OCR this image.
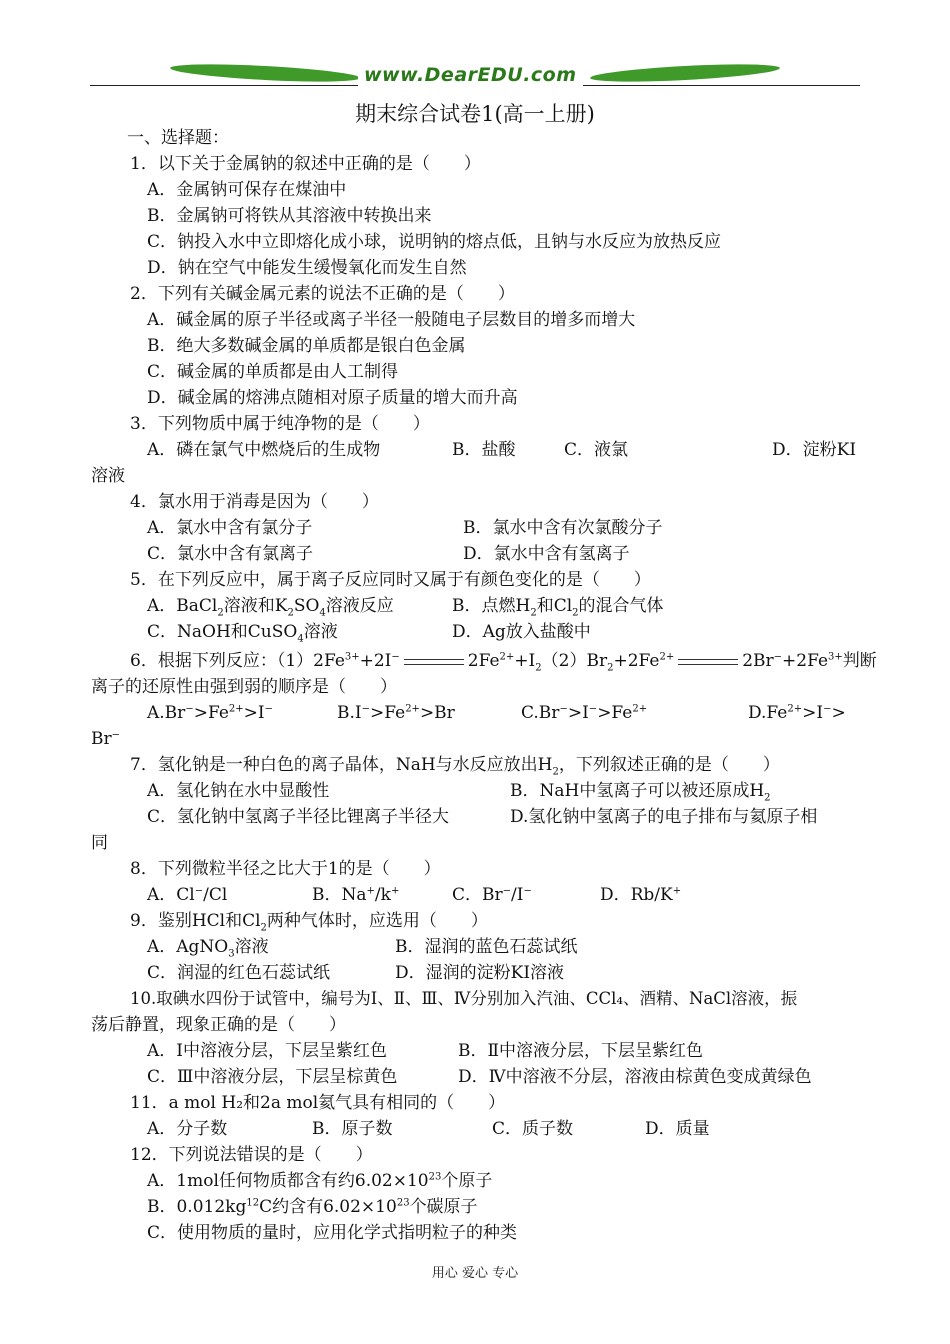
www.DearEDU.com
期末综合试卷1(高一上册)
一、选择题：
1．以下关于金属钠的叙述中正确的是（　　）
A．金属钠可保存在煤油中
B．金属钠可将铁从其溶液中转换出来
C．钠投入水中立即熔化成小球，说明钠的熔点低，且钠与水反应为放热反应
D．钠在空气中能发生缓慢氧化而发生自然
2．下列有关碱金属元素的说法不正确的是（　　）
A．碱金属的原子半径或离子半径一般随电子层数目的增多而增大
B．绝大多数碱金属的单质都是银白色金属
C．碱金属的单质都是由人工制得
D．碱金属的熔沸点随相对原子质量的增大而升高
3．下列物质中属于纯净物的是（　　）
A．磷在氯气中燃烧后的生成物	B．盐酸	C．液氯	D．淀粉KI
溶液
4．氯水用于消毒是因为（　　）
A．氯水中含有氯分子	B．氯水中含有次氯酸分子
C．氯水中含有氯离子	D．氯水中含有氢离子
5．在下列反应中，属于离子反应同时又属于有颜色变化的是（　　）
A．BaCl$_2$溶液和$K_2SO_4$溶液反应	B．点燃$H_2$和$Cl_2$的混合气体
C．NaOH和CuSO$_4$溶液	D．Ag放入盐酸中
6．根据下列反应：$(1)2Fe^{3+}+2I^-$	$2Fe^{2+}+I_2(2)Br_2+2Fe^{2+}$	$2Br^-+2Fe^{3+}$判断
离子的还原性由强到弱的顺序是（　　）
$A.Br^->Fe^{2+}>I^-$	$B.I^->Fe^{2+}>Br$	$C.Br^->I^->Fe^{2+}$	$D.Fe^{2+}>I^->$
Br−
7．氢化钠是一种白色的离子晶体，NaH与水反应放出$H_2$，下列叙述正确的是（　　）
A．氢化钠在水中显酸性	B．NaH中氢离子可以被还原成$H_2$
C．氢化钠中氢离子半径比锂离子半径大	D.氢化钠中氢离子的电子排布与氦原子相
同
8．下列微粒半径之比大于1的是（　　）
A．Cl−/Cl	B．Na+/k+	C．Br−/I−	D．Rb/K+
9．鉴别HCl和$Cl_2$两种气体时，应选用（　　）
A．AgNO$_3$溶液	B．湿润的蓝色石蕊试纸
C．润湿的红色石蕊试纸	D．湿润的淀粉KI溶液
10.取碘水四份于试管中，编号为Ⅰ、Ⅱ、Ⅲ、Ⅳ分别加入汽油、CCl₄、酒精、NaCl溶液，振
荡后静置，现象正确的是（　　）
A．Ⅰ中溶液分层，下层呈紫红色	B．Ⅱ中溶液分层，下层呈紫红色
C．Ⅲ中溶液分层，下层呈棕黄色	D．Ⅳ中溶液不分层，溶液由棕黄色变成黄绿色
11．a mol H₂和2a mol氦气具有相同的（　　）
A．分子数	B．原子数	C．质子数	D．质量
12．下列说法错误的是（　　）
A．1mol任何物质都含有约$6.02\times 10^{23}$个原子
B．$0.012kg^{12}C$约含有$6.02\times 10^{23}$个碳原子
C．使用物质的量时，应用化学式指明粒子的种类
用心 爱心 专心
